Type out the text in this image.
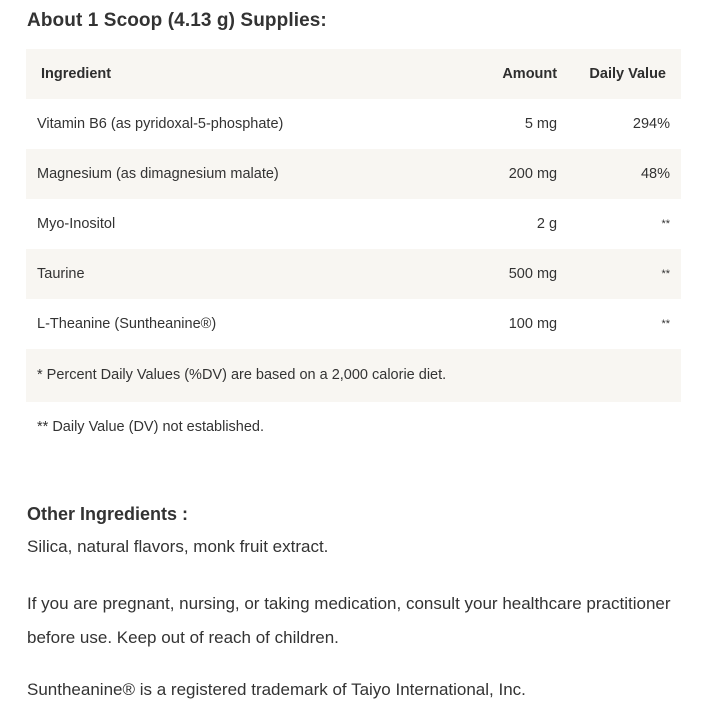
About 1 Scoop (4.13 g) Supplies:
Ingredient	Amount	Daily Value
Vitamin B6 (as pyridoxal-5-phosphate)	5 mg	294%
Magnesium (as dimagnesium malate)	200 mg	48%
Myo-Inositol	2 g	**
Taurine	500 mg	**
L-Theanine (Suntheanine®)	100 mg	**

* Percent Daily Values (%DV) are based on a 2,000 calorie diet.		

** Daily Value (DV) not established.		
Other Ingredients :
Silica, natural flavors, monk fruit extract.
If you are pregnant, nursing, or taking medication, consult your healthcare practitioner before use. Keep out of reach of children.
Suntheanine® is a registered trademark of Taiyo International, Inc.
